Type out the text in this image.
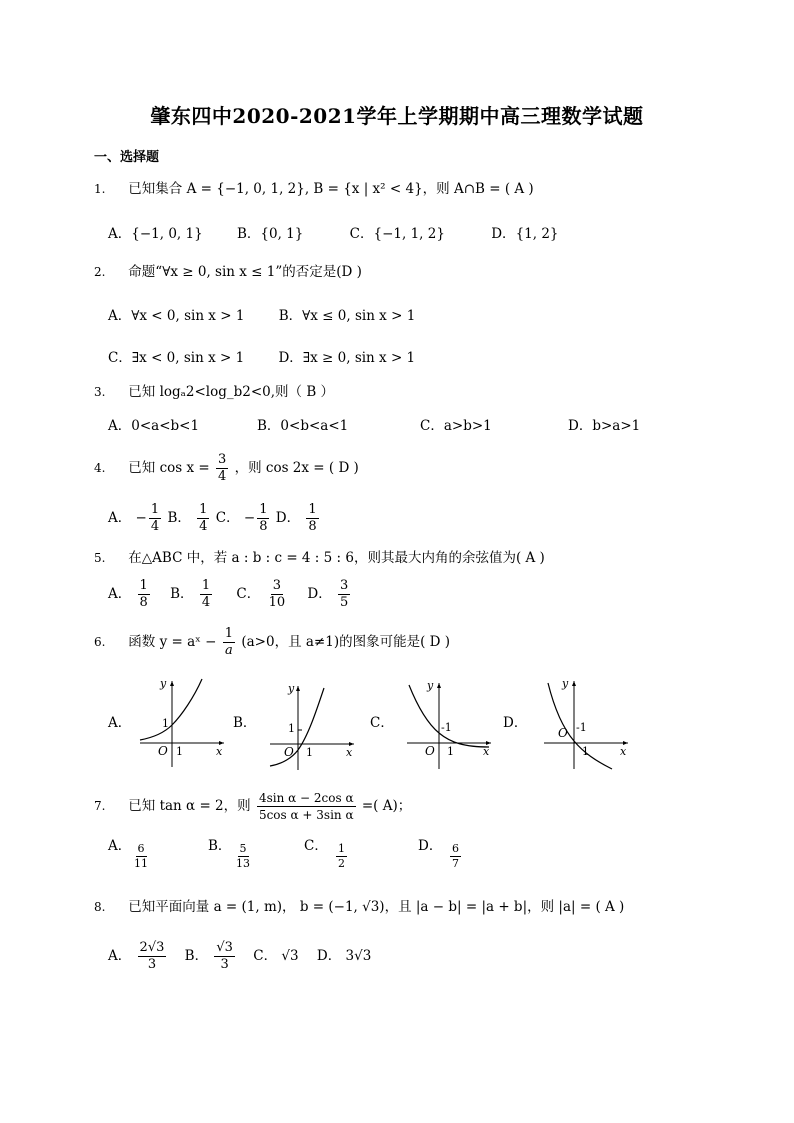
肇东四中2020-2021学年上学期期中高三理数学试题
一、选择题
1. 已知集合 A = {−1, 0, 1, 2}, B = {x | x² < 4}，则 A∩B = ( A )
A．{−1, 0, 1}	B．{0, 1}	C．{−1, 1, 2}	D．{1, 2}
2. 命题“∀x ≥ 0, sin x ≤ 1”的否定是(D )
A．∀x < 0, sin x > 1	B．∀x ≤ 0, sin x > 1
C．∃x < 0, sin x > 1	D．∃x ≥ 0, sin x > 1
3. 已知 logₐ2<log_b2<0,则（ B ）
A．0<a<b<1	B．0<b<a<1	C．a>b>1	D．b>a>1
4. 已知 $\cos x = \frac{3}{4}$ ，则 cos 2x = ( D )
A． − $\frac{1}{4}$ B． $\frac{1}{4}$ C． − $\frac{1}{8}$ D． $\frac{1}{8}$
5. 在△ABC 中，若 a : b : c = 4 : 5 : 6，则其最大内角的余弦值为( A )
A． $\frac{1}{8}$ B． $\frac{1}{4}$ C． $\frac{3}{10}$ D． $\frac{3}{5}$
6. 函数 y = aˣ − $\frac{1}{a} (a>0$，且 a≠1)的图象可能是( D )
A．	B．	C．	D．
x
y
O 1
1
x
y
O 1
1
x
y
O 1
-1
x
y
O
1
-1
7. 已知 tan α = 2，则 $\frac{\text{4sin α − 2cos α}}{\text{5cos α + 3sin α}}$ =( A)；
A． $\frac{6}{11}$	B． $\frac{5}{13}$	C． $\frac{1}{2}$	D． $\frac{6}{7}$
8. 已知平面向量 a = (1, m)， b = (−1, √3)，且 |a − b| = |a + b|，则 |a| = ( A )
A． $\frac{2√3}{3}$ B． $\frac{√3}{3}$ C． √3 D． 3√3
